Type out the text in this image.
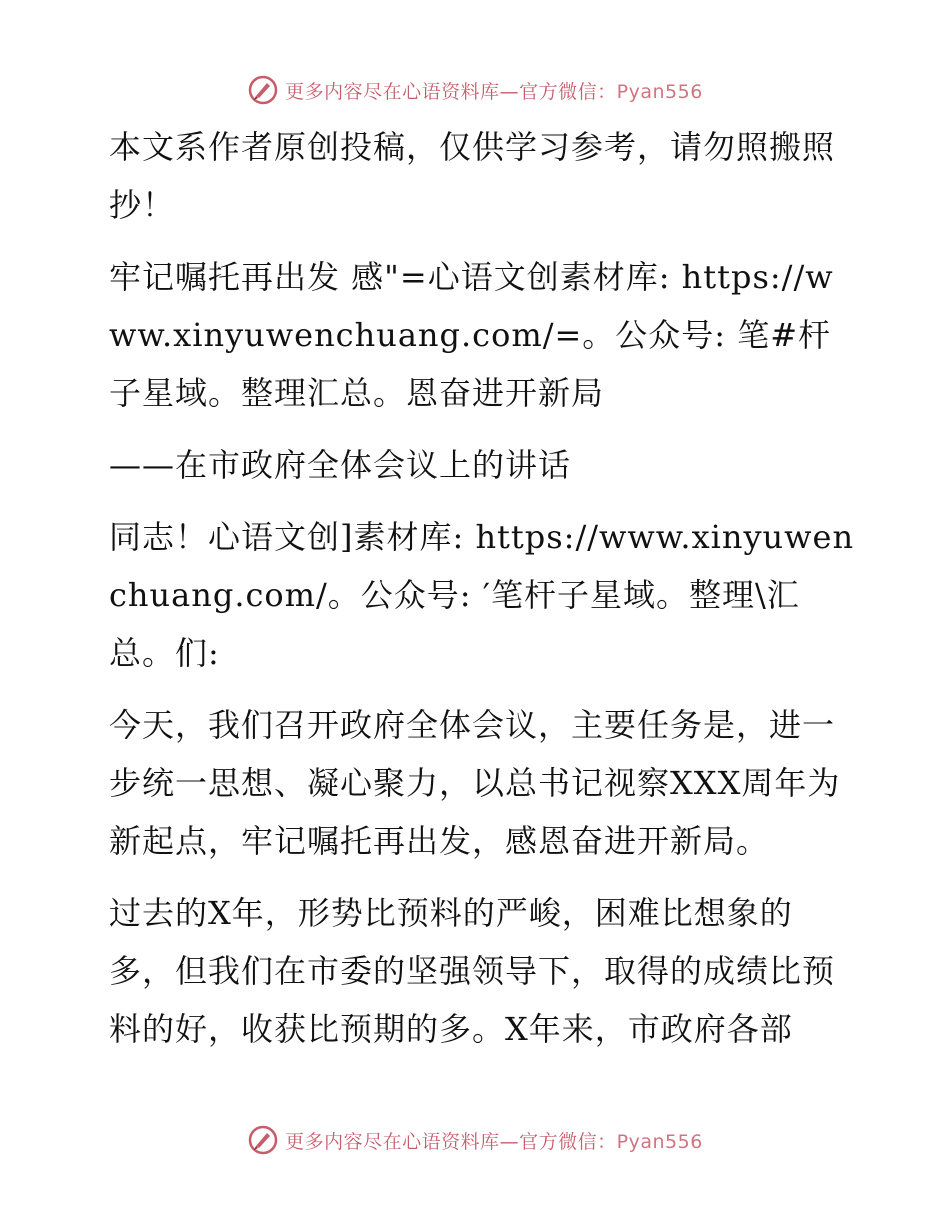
更多内容尽在心语资料库—官方微信：Pyan556

本文系作者原创投稿，仅供学习参考，请勿照搬照抄！

牢记嘱托再出发 感"=心语文创素材库: https://www.xinyuwenchuang.com/=。公众号: 笔#杆子星域。整理汇总。恩奋进开新局

——在市政府全体会议上的讲话

同志！心语文创]素材库: https://www.xinyuwenchuang.com/。公众号: ′笔杆子星域。整理\汇总。们:

今天，我们召开政府全体会议，主要任务是，进一步统一思想、凝心聚力，以总书记视察XXX周年为新起点，牢记嘱托再出发，感恩奋进开新局。

过去的X年，形势比预料的严峻，困难比想象的多，但我们在市委的坚强领导下，取得的成绩比预料的好，收获比预期的多。X年来，市政府各部

更多内容尽在心语资料库—官方微信：Pyan556
